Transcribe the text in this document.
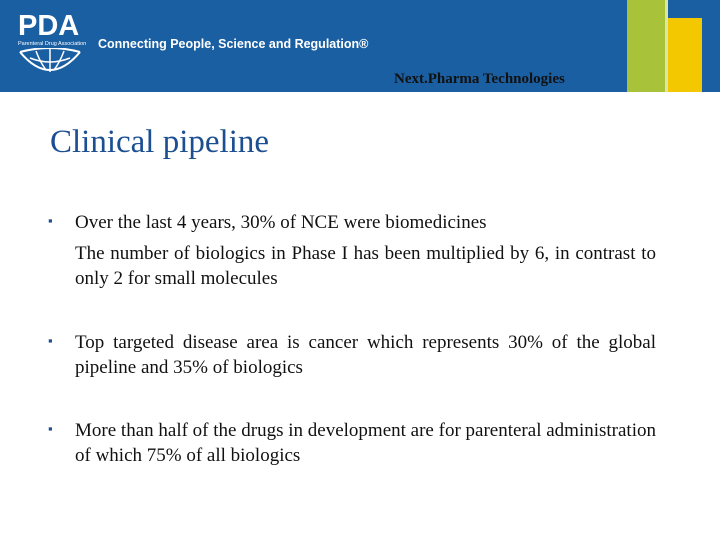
PDA
Parenteral Drug Association Connecting People, Science and Regulation®
Next.Pharma Technologies
Clinical pipeline
▪ Over the last 4 years, 30% of NCE were biomedicines
The number of biologics in Phase I has been multiplied by 6, in contrast to only 2 for small molecules
▪ Top targeted disease area is cancer which represents 30% of the global pipeline and 35% of biologics
▪ More than half of the drugs in development are for parenteral administration of which 75% of all biologics
